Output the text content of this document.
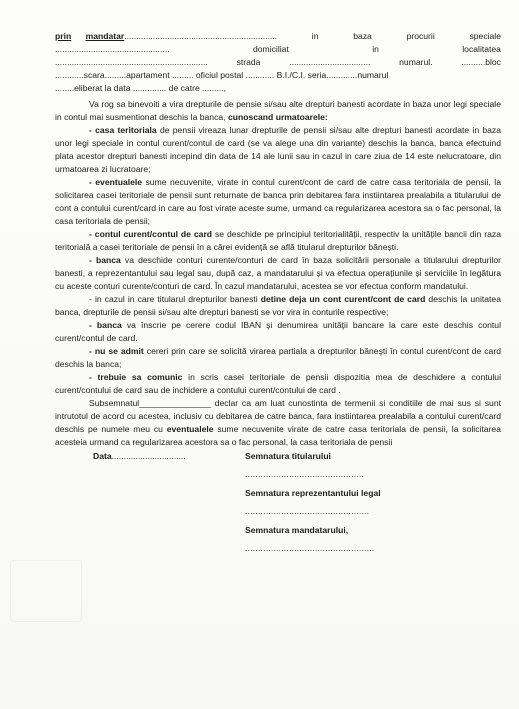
prin mandatar................................................................	in	baza	procurii	speciale
................................................	domiciliat	in	localitatea
................................................................	strada	..................................	numarul.	..........bloc
............scara.........apartament ......... oficiul postal ............ B.I./C.I. seria.............numarul
........eliberat la data .............. de catre .........,

Va rog sa binevoiti a vira drepturile de pensie si/sau alte drepturi banesti acordate in baza unor legi speciale in contul mai susmentionat deschis la banca, cunoscand urmatoarele:

- casa teritoriala de pensii vireaza lunar drepturile de pensii si/sau alte drepturi banesti acordate in baza unor legi speciale in contul curent/contul de card (se va alege una din variante) deschis la banca, banca efectuind plata acestor drepturi banesti incepind din data de 14 ale lunii sau in cazul in care ziua de 14 este nelucratoare, din urmatoarea zi lucratoare;

- eventualele sume necuvenite, virate in contul curent/cont de card de catre casa teritoriala de pensii, la solicitarea casei teritoriale de pensii sunt returnate de banca prin debitarea fara instiintarea prealabila a titularului de cont a contului curent/card in care au fost virate aceste sume, urmand ca regularizarea acestora sa o fac personal, la casa teritoriala de pensii;

- contul curent/contul de card se deschide pe principiul teritorialității, respectiv la unitățile bancii din raza teritorială a casei teritoriale de pensii în a cărei evidență se află titularul drepturilor bănești.

- banca va deschide conturi curente/conturi de card în baza solicitării personale a titularului drepturilor banesti, a reprezentantului sau legal sau, după caz, a mandatarului și va efectua operațiunile și serviciile în legătura cu aceste conturi curente/conturi de card. În cazul mandatarului, acestea se vor efectua conform mandatului.

- in cazul in care titularul drepturilor banesti detine deja un cont curent/cont de card deschis la unitatea banca, drepturile de pensii si/sau alte drepturi banesti se vor vira in conturile respective;

- banca va înscrie pe cerere codul IBAN şi denumirea unităţii bancare la care este deschis contul curent/contul de card.

- nu se admit cereri prin care se solicită virarea partiala a drepturilor băneşti în contul curent/cont de card deschis la banca;

- trebuie sa comunic in scris casei teritoriale de pensii dispozitia mea de deschidere a contului curent/contului de card sau de inchidere a contului curent/contului de card .

Subsemnatul_______________ declar ca am luat cunostinta de termenii si conditiile de mai sus si sunt intrutotul de acord cu acestea, inclusiv cu debitarea de catre banca, fara instiintarea prealabila a contului curent/card deschis pe numele meu cu eventualele sume necuvenite virate de catre casa teritoriala de pensii, la solicitarea acesteia urmand ca regularizarea acestora sa o fac personal, la casa teritoriala de pensii

Data...............................	Semnatura titularului
..............................................
Semnatura reprezentantului legal
................................................
Semnatura mandatarului,
..................................................
